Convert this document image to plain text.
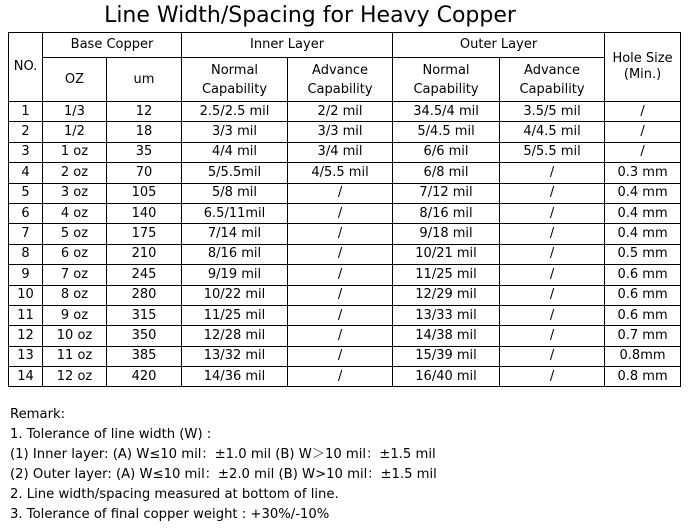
Line Width/Spacing for Heavy Copper
NO.	Base Copper		Inner Layer		Outer Layer		Hole Size (Min.)
	OZ	um	Normal Capability	Advance Capability	Normal Capability	Advance Capability	
1	1/3	12	2.5/2.5 mil	2/2 mil	34.5/4 mil	3.5/5 mil	/
2	1/2	18	3/3 mil	3/3 mil	5/4.5 mil	4/4.5 mil	/
3	1 oz	35	4/4 mil	3/4 mil	6/6 mil	5/5.5 mil	/
4	2 oz	70	5/5.5mil	4/5.5 mil	6/8 mil	/	0.3 mm
5	3 oz	105	5/8 mil	/	7/12 mil	/	0.4 mm
6	4 oz	140	6.5/11mil	/	8/16 mil	/	0.4 mm
7	5 oz	175	7/14 mil	/	9/18 mil	/	0.4 mm
8	6 oz	210	8/16 mil	/	10/21 mil	/	0.5 mm
9	7 oz	245	9/19 mil	/	11/25 mil	/	0.6 mm
10	8 oz	280	10/22 mil	/	12/29 mil	/	0.6 mm
11	9 oz	315	11/25 mil	/	13/33 mil	/	0.6 mm
12	10 oz	350	12/28 mil	/	14/38 mil	/	0.7 mm
13	11 oz	385	13/32 mil	/	15/39 mil	/	0.8mm
14	12 oz	420	14/36 mil	/	16/40 mil	/	0.8 mm
Remark:
1. Tolerance of line width (W) :
(1) Inner layer: (A) W≤10 mil：±1.0 mil (B) W＞10 mil：±1.5 mil
(2) Outer layer: (A) W≤10 mil：±2.0 mil (B) W>10 mil：±1.5 mil
2. Line width/spacing measured at bottom of line.
3. Tolerance of final copper weight : +30%/-10%
